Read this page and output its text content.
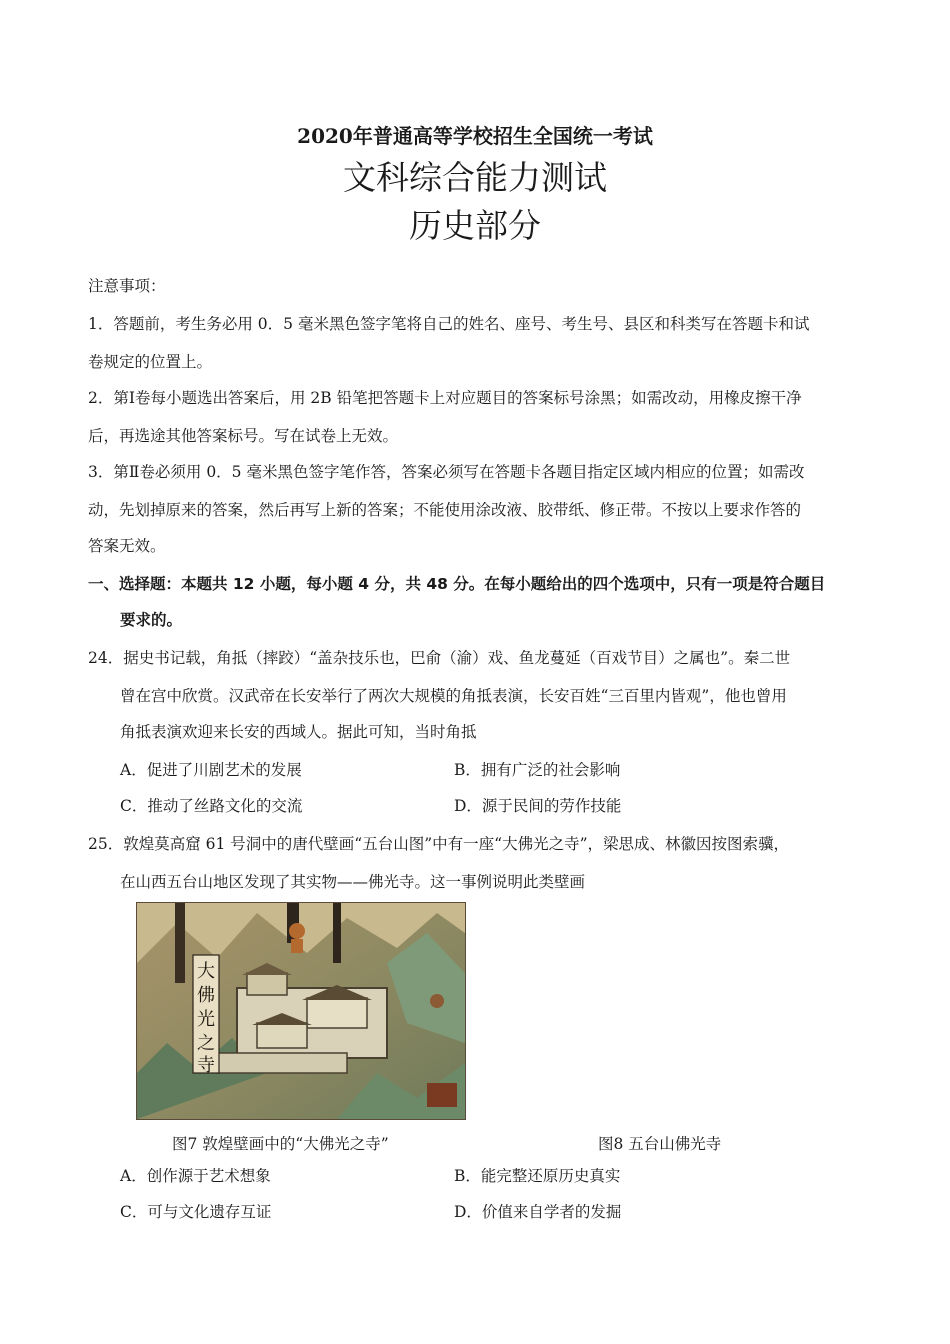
2020年普通高等学校招生全国统一考试
文科综合能力测试
历史部分
注意事项：
1．答题前，考生务必用 0．5 毫米黑色签字笔将自己的姓名、座号、考生号、县区和科类写在答题卡和试
卷规定的位置上。
2．第Ⅰ卷每小题选出答案后，用 2B 铅笔把答题卡上对应题目的答案标号涂黑；如需改动，用橡皮擦干净
后，再选途其他答案标号。写在试卷上无效。
3．第Ⅱ卷必须用 0．5 毫米黑色签字笔作答，答案必须写在答题卡各题目指定区域内相应的位置；如需改
动，先划掉原来的答案，然后再写上新的答案；不能使用涂改液、胶带纸、修正带。不按以上要求作答的
答案无效。
一、选择题：本题共 12 小题，每小题 4 分，共 48 分。在每小题给出的四个选项中，只有一项是符合题目
要求的。
24．据史书记载，角抵（摔跤）“盖杂技乐也，巴俞（渝）戏、鱼龙蔓延（百戏节目）之属也”。秦二世
曾在宫中欣赏。汉武帝在长安举行了两次大规模的角抵表演，长安百姓“三百里内皆观”，他也曾用
角抵表演欢迎来长安的西域人。据此可知，当时角抵
A．促进了川剧艺术的发展	B．拥有广泛的社会影响
C．推动了丝路文化的交流	D．源于民间的劳作技能
25．敦煌莫高窟 61 号洞中的唐代壁画“五台山图”中有一座“大佛光之寺”，梁思成、林徽因按图索骥，
在山西五台山地区发现了其实物——佛光寺。这一事例说明此类壁画
大
佛
光
之
寺
图7 敦煌壁画中的“大佛光之寺”	图8 五台山佛光寺
A．创作源于艺术想象	B．能完整还原历史真实
C．可与文化遗存互证	D．价值来自学者的发掘
